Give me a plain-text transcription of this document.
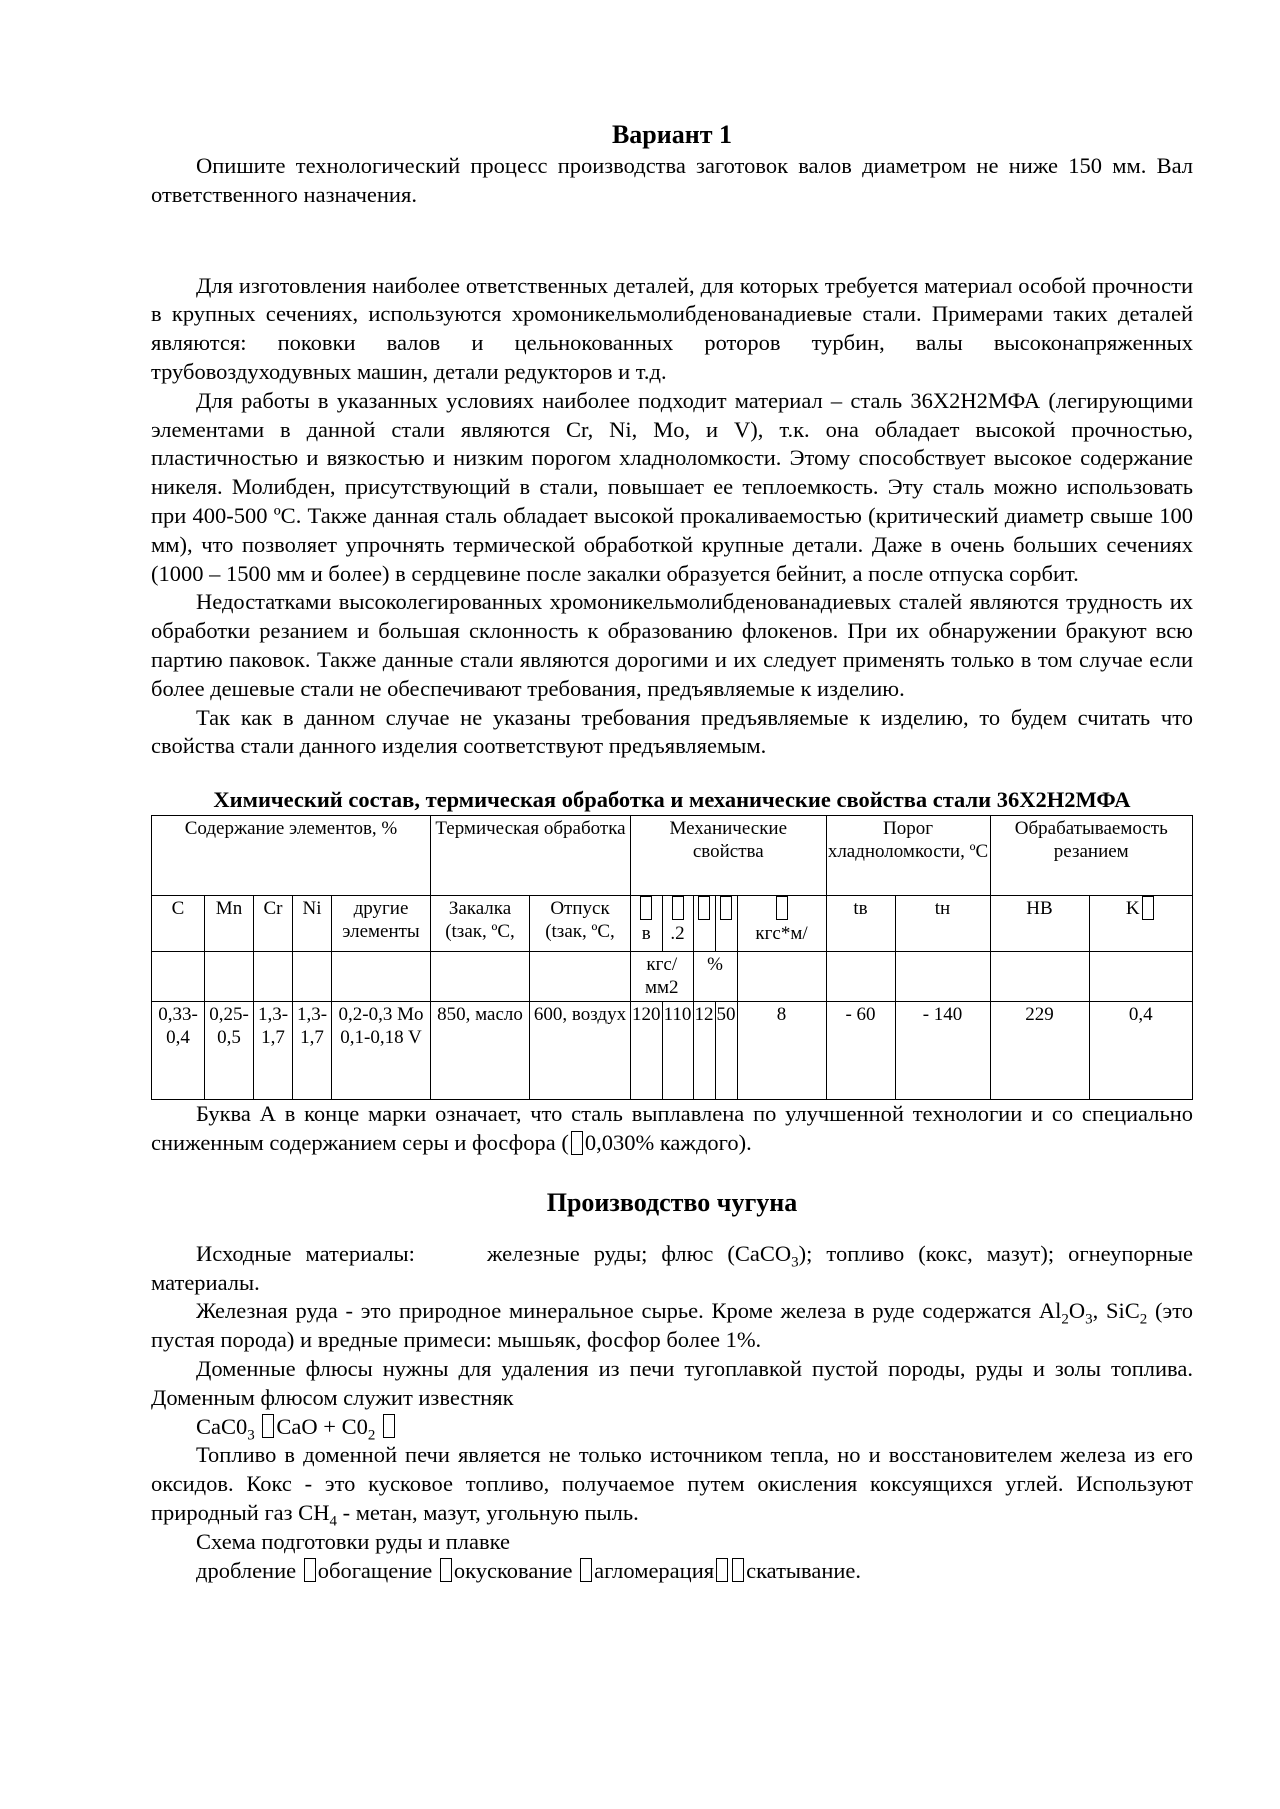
Вариант 1

Опишите технологический процесс производства заготовок валов диаметром не ниже 150 мм. Вал ответственного назначения.

Для изготовления наиболее ответственных деталей, для которых требуется материал особой прочности в крупных сечениях, используются хромоникельмолибденованадиевые стали. Примерами таких деталей являются: поковки валов и цельнокованных роторов турбин, валы высоконапряженных трубовоздуходувных машин, детали редукторов и т.д.

Для работы в указанных условиях наиболее подходит материал – сталь 36Х2Н2МФА (легирующими элементами в данной стали являются Cr, Ni, Mo, и V), т.к. она обладает высокой прочностью, пластичностью и вязкостью и низким порогом хладноломкости. Этому способствует высокое содержание никеля. Молибден, присутствующий в стали, повышает ее теплоемкость. Эту сталь можно использовать при 400-500 ºС. Также данная сталь обладает высокой прокаливаемостью (критический диаметр свыше 100 мм), что позволяет упрочнять термической обработкой крупные детали. Даже в очень больших сечениях (1000 – 1500 мм и более) в сердцевине после закалки образуется бейнит, а после отпуска сорбит.

Недостатками высоколегированных хромоникельмолибденованадиевых сталей являются трудность их обработки резанием и большая склонность к образованию флокенов. При их обнаружении бракуют всю партию паковок. Также данные стали являются дорогими и их следует применять только в том случае если более дешевые стали не обеспечивают требования, предъявляемые к изделию.

Так как в данном случае не указаны требования предъявляемые к изделию, то будем считать что свойства стали данного изделия соответствуют предъявляемым.

Химический состав, термическая обработка и механические свойства стали 36Х2Н2МФА
Содержание элементов, %					Термическая обработка		Механические свойства					Порог хладноломкости, ºС		Обрабатываемость резанием	
C	Mn	Cr	Ni	другие элементы	Закалка (tзак, ºС,	Отпуск (tзак, ºС,	в	.2			кгс*м/	tв	tн	HB	K
							кгс/мм2		%						
0,33-0,4	0,25-0,5	1,3-1,7	1,3-1,7	0,2-0,3 Mo 0,1-0,18 V	850, масло	600, воздух	120	110	12	50	8	- 60	- 140	229	0,4

Буква А в конце марки означает, что сталь выплавлена по улучшенной технологии и со специально сниженным содержанием серы и фосфора ( 0,030% каждого).

Производство чугуна

Исходные материалы:	железные руды; флюс (CaCO$_3$); топливо (кокс, мазут); огнеупорные материалы.

Железная руда - это природное минеральное сырье. Кроме железа в руде содержатся $Al_2O_3$, SiC$_2$ (это пустая порода) и вредные примеси: мышьяк, фосфор более 1%.

Доменные флюсы нужны для удаления из печи тугоплавкой пустой породы, руды и золы топлива. Доменным флюсом служит известняк

$CaC0_3$ CaO + $C0_2$

Топливо в доменной печи является не только источником тепла, но и восстановителем железа из его оксидов. Кокс - это кусковое топливо, получаемое путем окисления коксуящихся углей. Используют природный газ $CH_4$ - метан, мазут, угольную пыль.

Схема подготовки руды и плавке

дробление обогащение окускование агломерация скатывание.
